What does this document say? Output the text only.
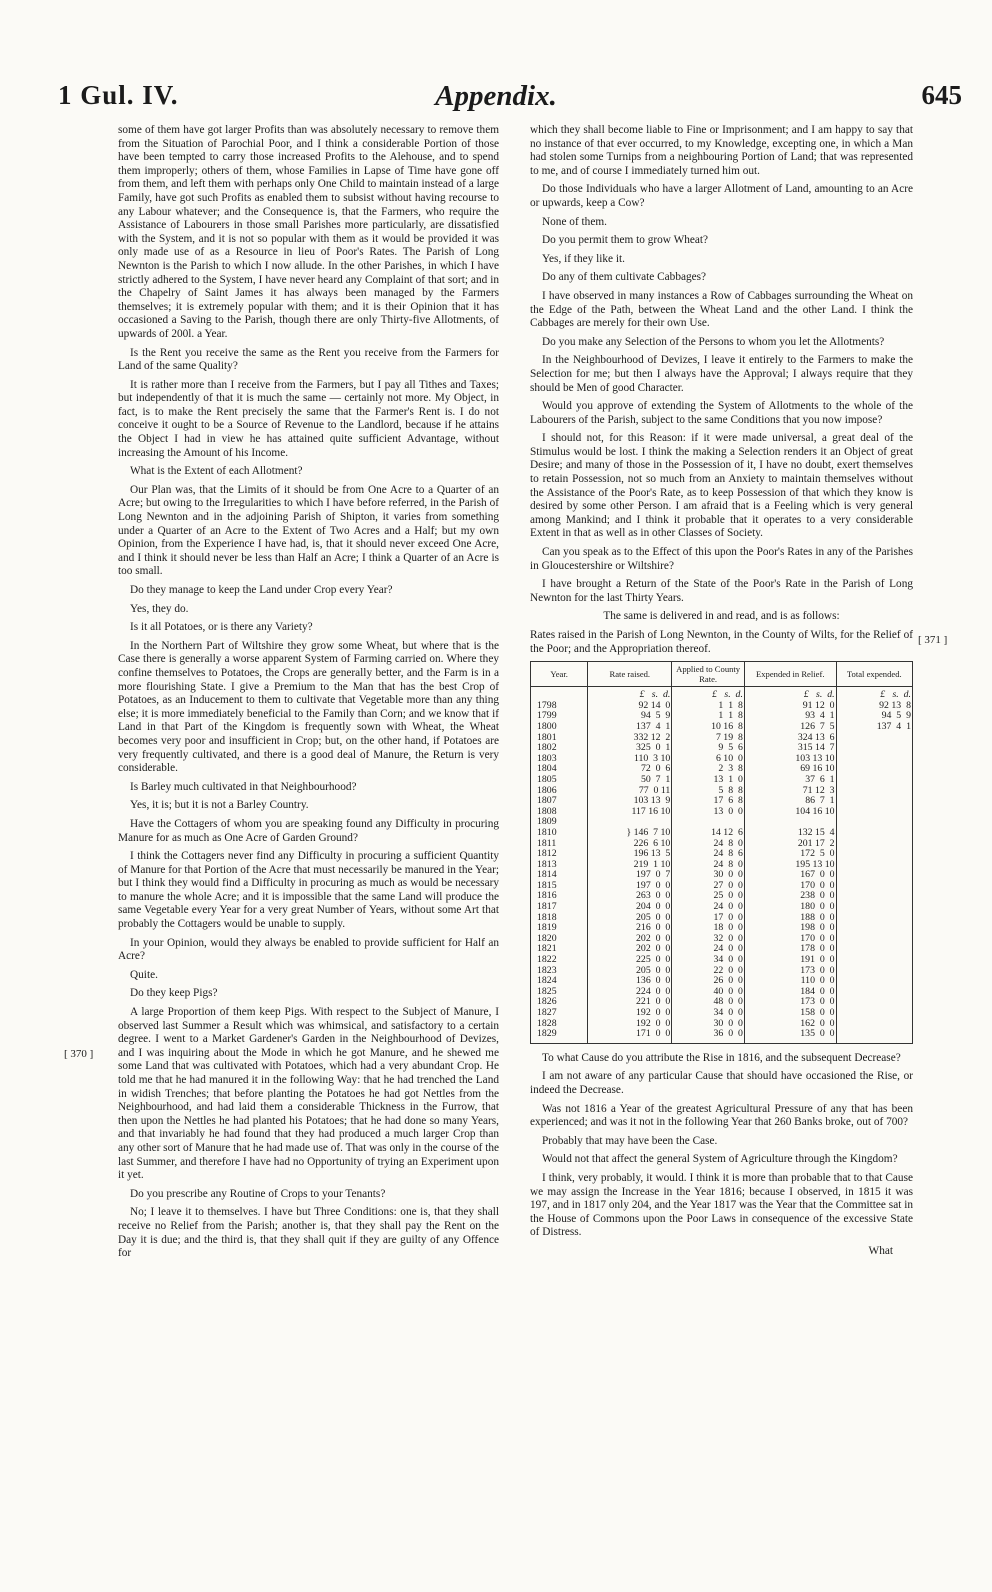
1 Gul. IV.	Appendix.	645
[ 370 ]
[ 371 ]

some of them have got larger Profits than was absolutely necessary to remove them from the Situation of Parochial Poor, and I think a considerable Portion of those have been tempted to carry those increased Profits to the Alehouse, and to spend them improperly; others of them, whose Families in Lapse of Time have gone off from them, and left them with perhaps only One Child to maintain instead of a large Family, have got such Profits as enabled them to subsist without having recourse to any Labour whatever; and the Consequence is, that the Farmers, who require the Assistance of Labourers in those small Parishes more particularly, are dissatisfied with the System, and it is not so popular with them as it would be provided it was only made use of as a Resource in lieu of Poor's Rates. The Parish of Long Newnton is the Parish to which I now allude. In the other Parishes, in which I have strictly adhered to the System, I have never heard any Complaint of that sort; and in the Chapelry of Saint James it has always been managed by the Farmers themselves; it is extremely popular with them; and it is their Opinion that it has occasioned a Saving to the Parish, though there are only Thirty-five Allotments, of upwards of 200l. a Year.

Is the Rent you receive the same as the Rent you receive from the Farmers for Land of the same Quality?

It is rather more than I receive from the Farmers, but I pay all Tithes and Taxes; but independently of that it is much the same — certainly not more. My Object, in fact, is to make the Rent precisely the same that the Farmer's Rent is. I do not conceive it ought to be a Source of Revenue to the Landlord, because if he attains the Object I had in view he has attained quite sufficient Advantage, without increasing the Amount of his Income.

What is the Extent of each Allotment?

Our Plan was, that the Limits of it should be from One Acre to a Quarter of an Acre; but owing to the Irregularities to which I have before referred, in the Parish of Long Newnton and in the adjoining Parish of Shipton, it varies from something under a Quarter of an Acre to the Extent of Two Acres and a Half; but my own Opinion, from the Experience I have had, is, that it should never exceed One Acre, and I think it should never be less than Half an Acre; I think a Quarter of an Acre is too small.

Do they manage to keep the Land under Crop every Year?

Yes, they do.

Is it all Potatoes, or is there any Variety?

In the Northern Part of Wiltshire they grow some Wheat, but where that is the Case there is generally a worse apparent System of Farming carried on. Where they confine themselves to Potatoes, the Crops are generally better, and the Farm is in a more flourishing State. I give a Premium to the Man that has the best Crop of Potatoes, as an Inducement to them to cultivate that Vegetable more than any thing else; it is more immediately beneficial to the Family than Corn; and we know that if Land in that Part of the Kingdom is frequently sown with Wheat, the Wheat becomes very poor and insufficient in Crop; but, on the other hand, if Potatoes are very frequently cultivated, and there is a good deal of Manure, the Return is very considerable.

Is Barley much cultivated in that Neighbourhood?

Yes, it is; but it is not a Barley Country.

Have the Cottagers of whom you are speaking found any Difficulty in procuring Manure for as much as One Acre of Garden Ground?

I think the Cottagers never find any Difficulty in procuring a sufficient Quantity of Manure for that Portion of the Acre that must necessarily be manured in the Year; but I think they would find a Difficulty in procuring as much as would be necessary to manure the whole Acre; and it is impossible that the same Land will produce the same Vegetable every Year for a very great Number of Years, without some Art that probably the Cottagers would be unable to supply.

In your Opinion, would they always be enabled to provide sufficient for Half an Acre?

Quite.

Do they keep Pigs?

A large Proportion of them keep Pigs. With respect to the Subject of Manure, I observed last Summer a Result which was whimsical, and satisfactory to a certain degree. I went to a Market Gardener's Garden in the Neighbourhood of Devizes, and I was inquiring about the Mode in which he got Manure, and he shewed me some Land that was cultivated with Potatoes, which had a very abundant Crop. He told me that he had manured it in the following Way: that he had trenched the Land in widish Trenches; that before planting the Potatoes he had got Nettles from the Neighbourhood, and had laid them a considerable Thickness in the Furrow, that then upon the Nettles he had planted his Potatoes; that he had done so many Years, and that invariably he had found that they had produced a much larger Crop than any other sort of Manure that he had made use of. That was only in the course of the last Summer, and therefore I have had no Opportunity of trying an Experiment upon it yet.

Do you prescribe any Routine of Crops to your Tenants?

No; I leave it to themselves. I have but Three Conditions: one is, that they shall receive no Relief from the Parish; another is, that they shall pay the Rent on the Day it is due; and the third is, that they shall quit if they are guilty of any Offence for

which they shall become liable to Fine or Imprisonment; and I am happy to say that no instance of that ever occurred, to my Knowledge, excepting one, in which a Man had stolen some Turnips from a neighbouring Portion of Land; that was represented to me, and of course I immediately turned him out.

Do those Individuals who have a larger Allotment of Land, amounting to an Acre or upwards, keep a Cow?

None of them.

Do you permit them to grow Wheat?

Yes, if they like it.

Do any of them cultivate Cabbages?

I have observed in many instances a Row of Cabbages surrounding the Wheat on the Edge of the Path, between the Wheat Land and the other Land. I think the Cabbages are merely for their own Use.

Do you make any Selection of the Persons to whom you let the Allotments?

In the Neighbourhood of Devizes, I leave it entirely to the Farmers to make the Selection for me; but then I always have the Approval; I always require that they should be Men of good Character.

Would you approve of extending the System of Allotments to the whole of the Labourers of the Parish, subject to the same Conditions that you now impose?

I should not, for this Reason: if it were made universal, a great deal of the Stimulus would be lost. I think the making a Selection renders it an Object of great Desire; and many of those in the Possession of it, I have no doubt, exert themselves to retain Possession, not so much from an Anxiety to maintain themselves without the Assistance of the Poor's Rate, as to keep Possession of that which they know is desired by some other Person. I am afraid that is a Feeling which is very general among Mankind; and I think it probable that it operates to a very considerable Extent in that as well as in other Classes of Society.

Can you speak as to the Effect of this upon the Poor's Rates in any of the Parishes in Gloucestershire or Wiltshire?

I have brought a Return of the State of the Poor's Rate in the Parish of Long Newnton for the last Thirty Years.

The same is delivered in and read, and is as follows:

Rates raised in the Parish of Long Newnton, in the County of Wilts, for the Relief of the Poor; and the Appropriation thereof.

Year.	Rate raised.	Applied to County Rate.	Expended in Relief.	Total expended.
	£   s.  d.	£   s.  d.	£   s.  d.	£   s.  d.
1798	92 14  0	1  1  8	91 12  0	92 13  8
1799	94  5  9	1  1  8	93  4  1	94  5  9
1800	137  4  1	10 16  8	126  7  5	137  4  1
1801	332 12  2	7 19  8	324 13  6	
1802	325  0  1	9  5  6	315 14  7	
1803	110  3 10	6 10  0	103 13 10	
1804	72  0  6	2  3  8	69 16 10	
1805	50  7  1	13  1  0	37  6  1	
1806	77  0 11	5  8  8	71 12  3	
1807	103 13  9	17  6  8	86  7  1	
1808	117 16 10	13  0  0	104 16 10	
1809				
1810	} 146  7 10	14 12  6	132 15  4	
1811	226  6 10	24  8  0	201 17  2	
1812	196 13  5	24  8  6	172  5  0	
1813	219  1 10	24  8  0	195 13 10	
1814	197  0  7	30  0  0	167  0  0	
1815	197  0  0	27  0  0	170  0  0	
1816	263  0  0	25  0  0	238  0  0	
1817	204  0  0	24  0  0	180  0  0	
1818	205  0  0	17  0  0	188  0  0	
1819	216  0  0	18  0  0	198  0  0	
1820	202  0  0	32  0  0	170  0  0	
1821	202  0  0	24  0  0	178  0  0	
1822	225  0  0	34  0  0	191  0  0	
1823	205  0  0	22  0  0	173  0  0	
1824	136  0  0	26  0  0	110  0  0	
1825	224  0  0	40  0  0	184  0  0	
1826	221  0  0	48  0  0	173  0  0	
1827	192  0  0	34  0  0	158  0  0	
1828	192  0  0	30  0  0	162  0  0	
1829	171  0  0	36  0  0	135  0  0	

To what Cause do you attribute the Rise in 1816, and the subsequent Decrease?

I am not aware of any particular Cause that should have occasioned the Rise, or indeed the Decrease.

Was not 1816 a Year of the greatest Agricultural Pressure of any that has been experienced; and was it not in the following Year that 260 Banks broke, out of 700?

Probably that may have been the Case.

Would not that affect the general System of Agriculture through the Kingdom?

I think, very probably, it would. I think it is more than probable that to that Cause we may assign the Increase in the Year 1816; because I observed, in 1815 it was 197, and in 1817 only 204, and the Year 1817 was the Year that the Committee sat in the House of Commons upon the Poor Laws in consequence of the excessive State of Distress.

What
